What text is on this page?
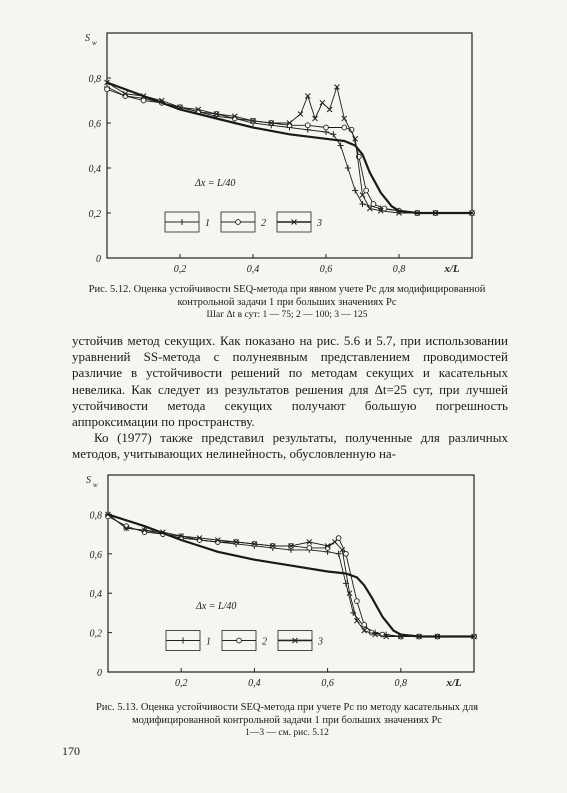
0
0,2
0,4
0,6
0,8
0,2	0,4	0,6	0,8
S w
x/L
Δx = L/40
1	2	3
Рис. 5.12. Оценка устойчивости SEQ-метода при явном учете Pc для модифицированной контрольной задачи 1 при больших значениях Pc
Шаг Δt в сут: 1 — 75; 2 — 100; 3 — 125

устойчив метод секущих. Как показано на рис. 5.6 и 5.7, при использовании уравнений SS-метода с полунеявным представлением проводимостей различие в устойчивости решений по методам секущих и касательных невелика. Как следует из результатов решения для Δt=25 сут, при лучшей устойчивости метода секущих получают большую погрешность аппроксимации по пространству.

Ко (1977) также представил результаты, полученные для различных методов, учитывающих нелинейность, обусловленную на-

0
0,2
0,4
0,6
0,8
0,2	0,4	0,6	0,8
S w
x/L
Δx = L/40
1	2	3
Рис. 5.13. Оценка устойчивости SEQ-метода при учете Pc по методу касательных для модифицированной контрольной задачи 1 при больших значениях Pc
1—3 — см. рис. 5.12
170
